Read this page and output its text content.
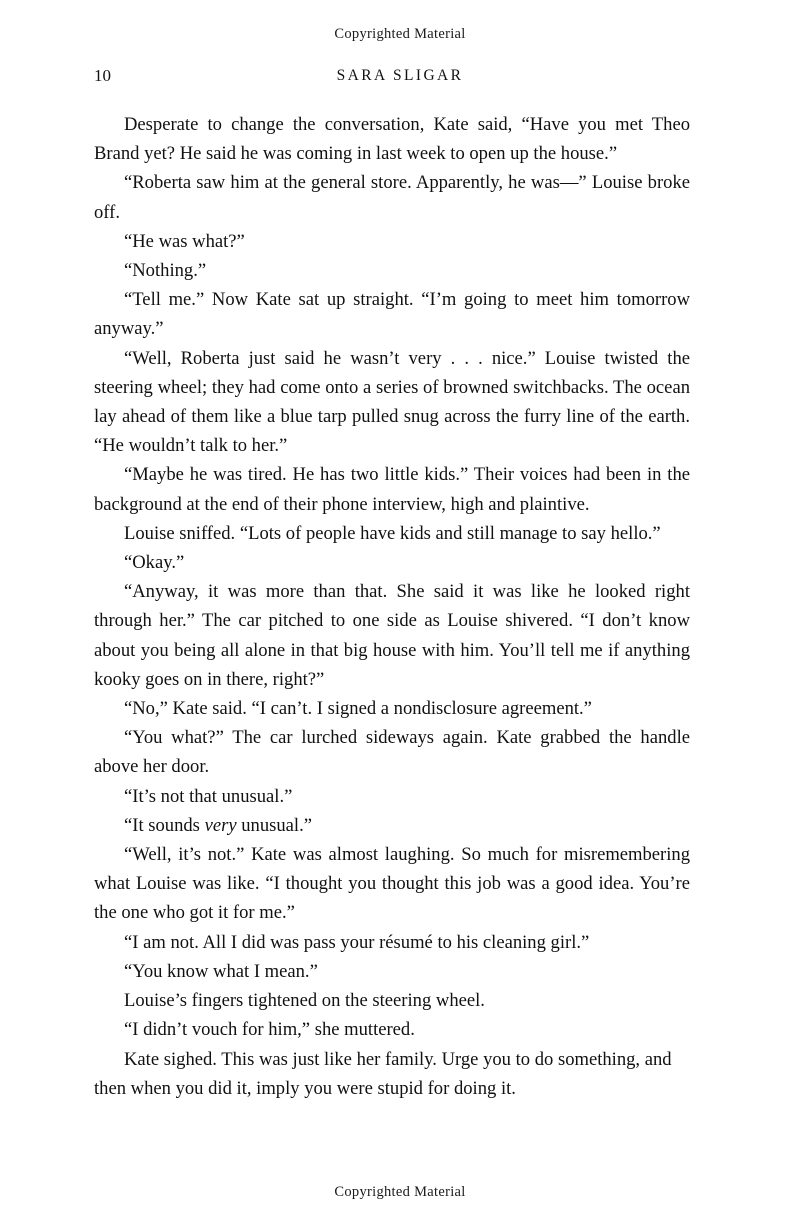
Copyrighted Material
10	SARA SLIGAR

Desperate to change the conversation, Kate said, “Have you met Theo Brand yet? He said he was coming in last week to open up the house.”

“Roberta saw him at the general store. Apparently, he was—” Louise broke off.

“He was what?”

“Nothing.”

“Tell me.” Now Kate sat up straight. “I’m going to meet him tomorrow anyway.”

“Well, Roberta just said he wasn’t very . . . nice.” Louise twisted the steering wheel; they had come onto a series of browned switchbacks. The ocean lay ahead of them like a blue tarp pulled snug across the furry line of the earth. “He wouldn’t talk to her.”

“Maybe he was tired. He has two little kids.” Their voices had been in the background at the end of their phone interview, high and plaintive.

Louise sniffed. “Lots of people have kids and still manage to say hello.”

“Okay.”

“Anyway, it was more than that. She said it was like he looked right through her.” The car pitched to one side as Louise shivered. “I don’t know about you being all alone in that big house with him. You’ll tell me if anything kooky goes on in there, right?”

“No,” Kate said. “I can’t. I signed a nondisclosure agreement.”

“You what?” The car lurched sideways again. Kate grabbed the handle above her door.

“It’s not that unusual.”

“It sounds very unusual.”

“Well, it’s not.” Kate was almost laughing. So much for misremembering what Louise was like. “I thought you thought this job was a good idea. You’re the one who got it for me.”

“I am not. All I did was pass your résumé to his cleaning girl.”

“You know what I mean.”

Louise’s fingers tightened on the steering wheel.

“I didn’t vouch for him,” she muttered.

Kate sighed. This was just like her family. Urge you to do something, and then when you did it, imply you were stupid for doing it.

Copyrighted Material
